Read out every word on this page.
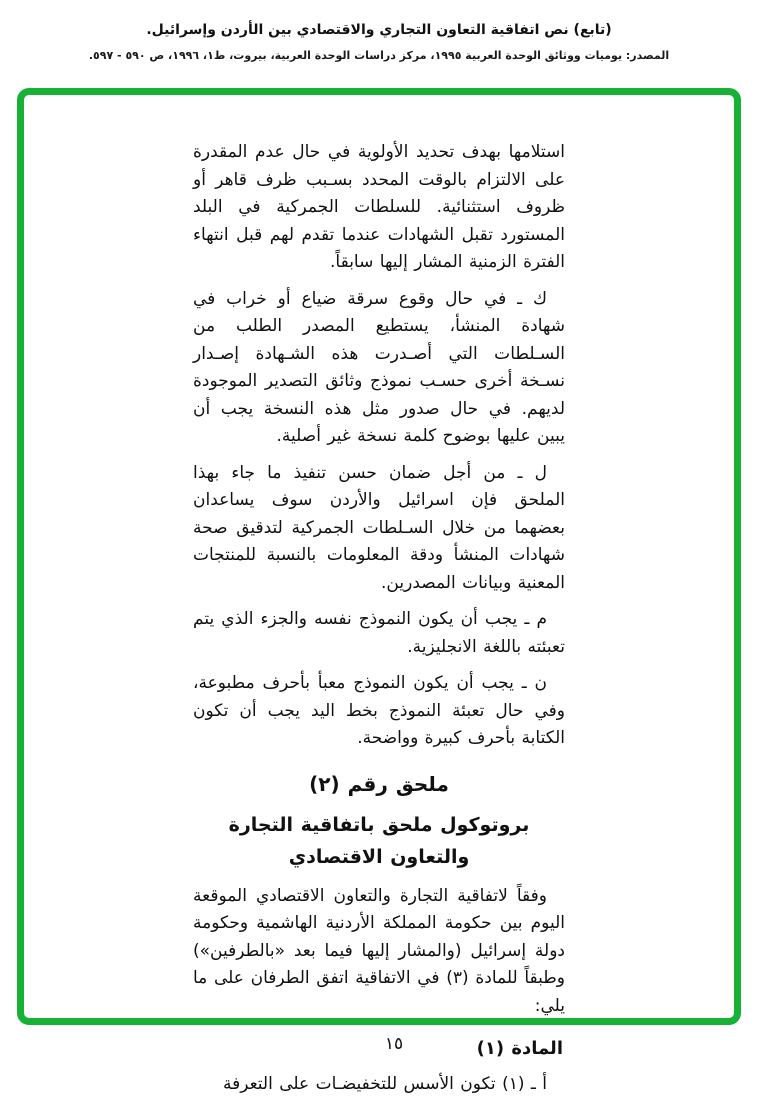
(تابع) نص اتفاقية التعاون التجاري والاقتصادي بين الأردن وإسرائيل.
المصدر: يوميات ووثائق الوحدة العربية ١٩٩٥، مركز دراسات الوحدة العربية، بيروت، ط١، ١٩٩٦، ص ٥٩٠ - ٥٩٧.

استلامها بهدف تحديد الأولوية في حال عدم المقدرة على الالتزام بالوقت المحدد بسـبب ظرف قاهر أو ظروف استثنائية. للسلطات الجمركية في البلد المستورد تقبل الشهادات عندما تقدم لهم قبل انتهاء الفترة الزمنية المشار إليها سابقاً.

ك ـ في حال وقوع سرقة ضياع أو خراب في شهادة المنشأ، يستطيع المصدر الطلب من السـلطات التي أصـدرت هذه الشـهادة إصـدار نسـخة أخرى حسـب نموذج وثائق التصدير الموجودة لديهم. في حال صدور مثل هذه النسخة يجب أن يبين عليها بوضوح كلمة نسخة غير أصلية.

ل ـ من أجل ضمان حسن تنفيذ ما جاء بهذا الملحق فإن اسرائيل والأردن سوف يساعدان بعضهما من خلال السـلطات الجمركية لتدقيق صحة شهادات المنشأ ودقة المعلومات بالنسبة للمنتجات المعنية وبيانات المصدرين.

م ـ يجب أن يكون النموذج نفسه والجزء الذي يتم تعبئته باللغة الانجليزية.

ن ـ يجب أن يكون النموذج معبأ بأحرف مطبوعة، وفي حال تعبئة النموذج بخط اليد يجب أن تكون الكتابة بأحرف كبيرة وواضحة.

ملحق رقم (٢)
بروتوكول ملحق باتفاقية التجارة والتعاون الاقتصادي

وفقاً لاتفاقية التجارة والتعاون الاقتصادي الموقعة اليوم بين حكومة المملكة الأردنية الهاشمية وحكومة دولة إسرائيل (والمشار إليها فيما بعد «بالطرفين») وطبقاً للمادة (٣) في الاتفاقية اتفق الطرفان على ما يلي:

المادة (١)

أ ـ (١) تكون الأسس للتخفيضـات على التعرفة

١٥
